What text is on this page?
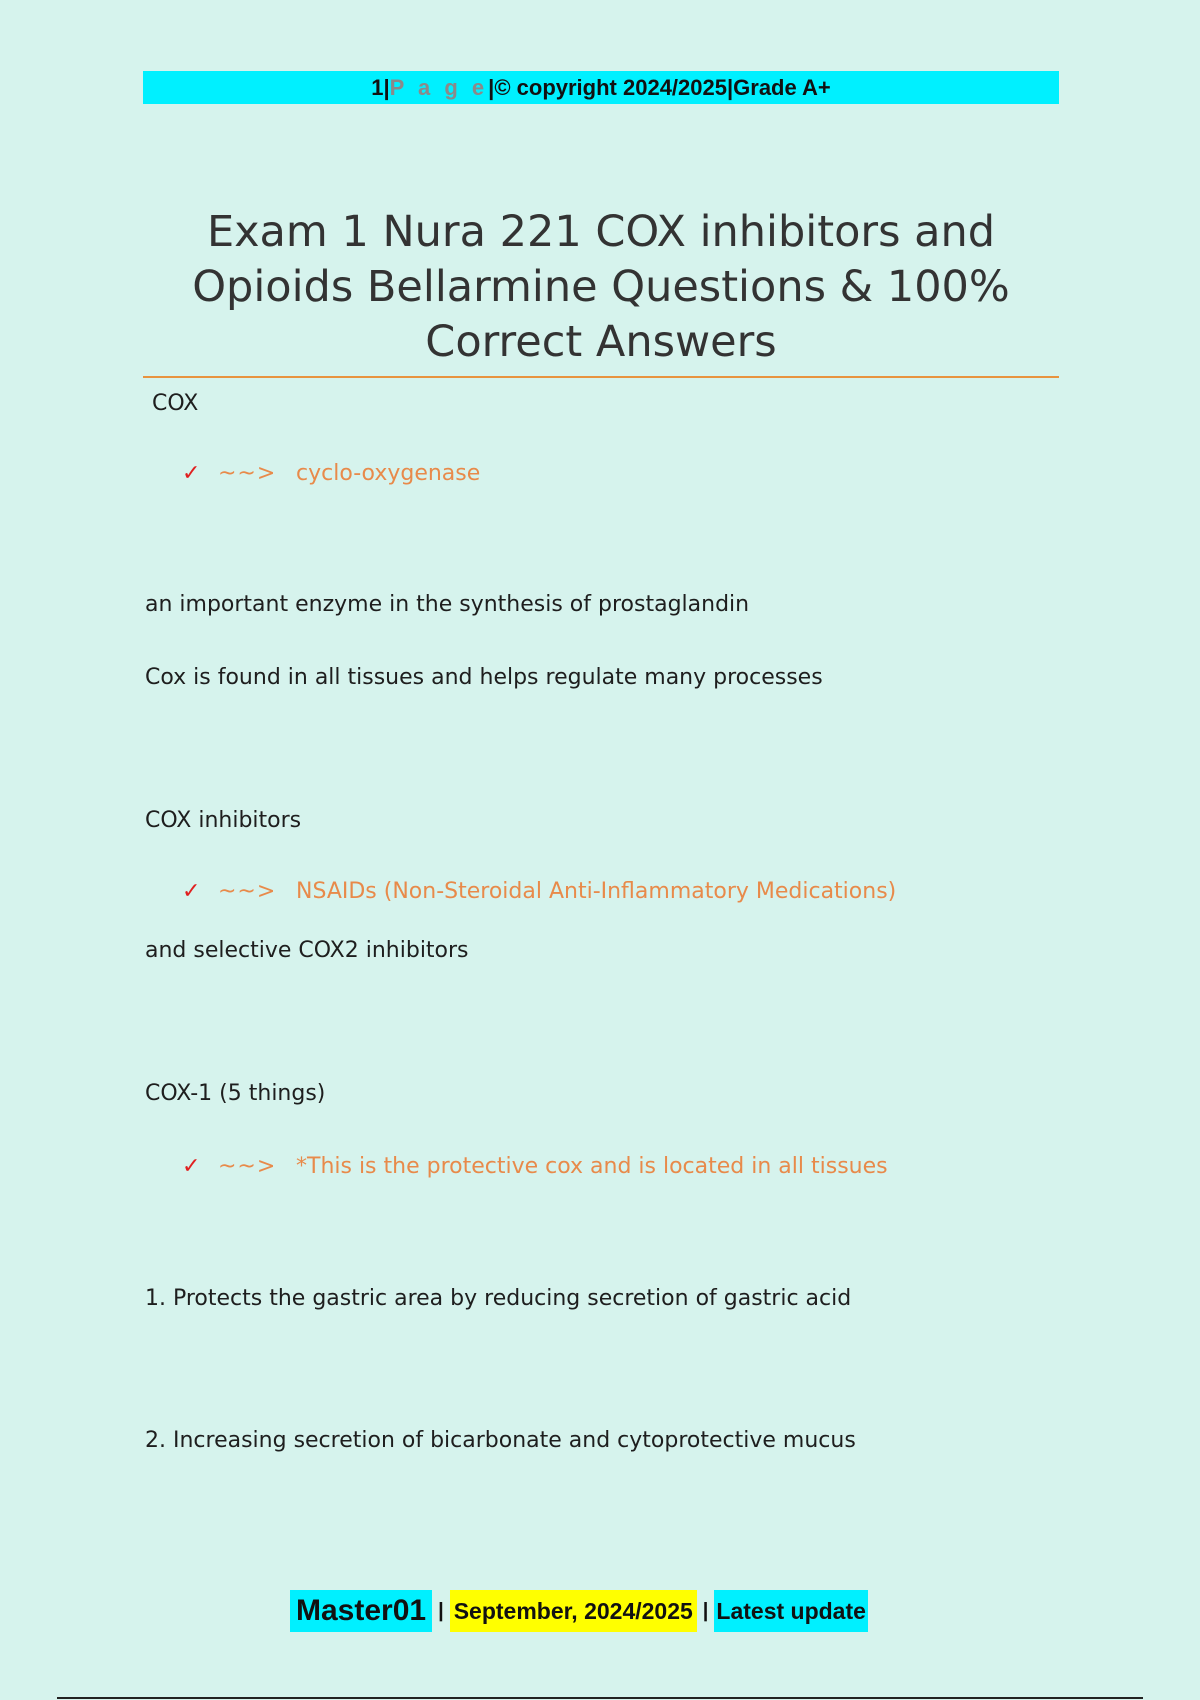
1 | P a g e | © copyright 2024/2025 | Grade A+
Exam 1 Nura 221 COX inhibitors and
Opioids Bellarmine Questions & 100%
Correct Answers

COX

✓ ~~> cyclo-oxygenase

an important enzyme in the synthesis of prostaglandin

Cox is found in all tissues and helps regulate many processes

COX inhibitors

✓ ~~> NSAIDs (Non-Steroidal Anti-Inflammatory Medications)

and selective COX2 inhibitors

COX-1 (5 things)

✓ ~~> *This is the protective cox and is located in all tissues

1. Protects the gastric area by reducing secretion of gastric acid

2. Increasing secretion of bicarbonate and cytoprotective mucus

Master01 | September, 2024/2025 | Latest update
